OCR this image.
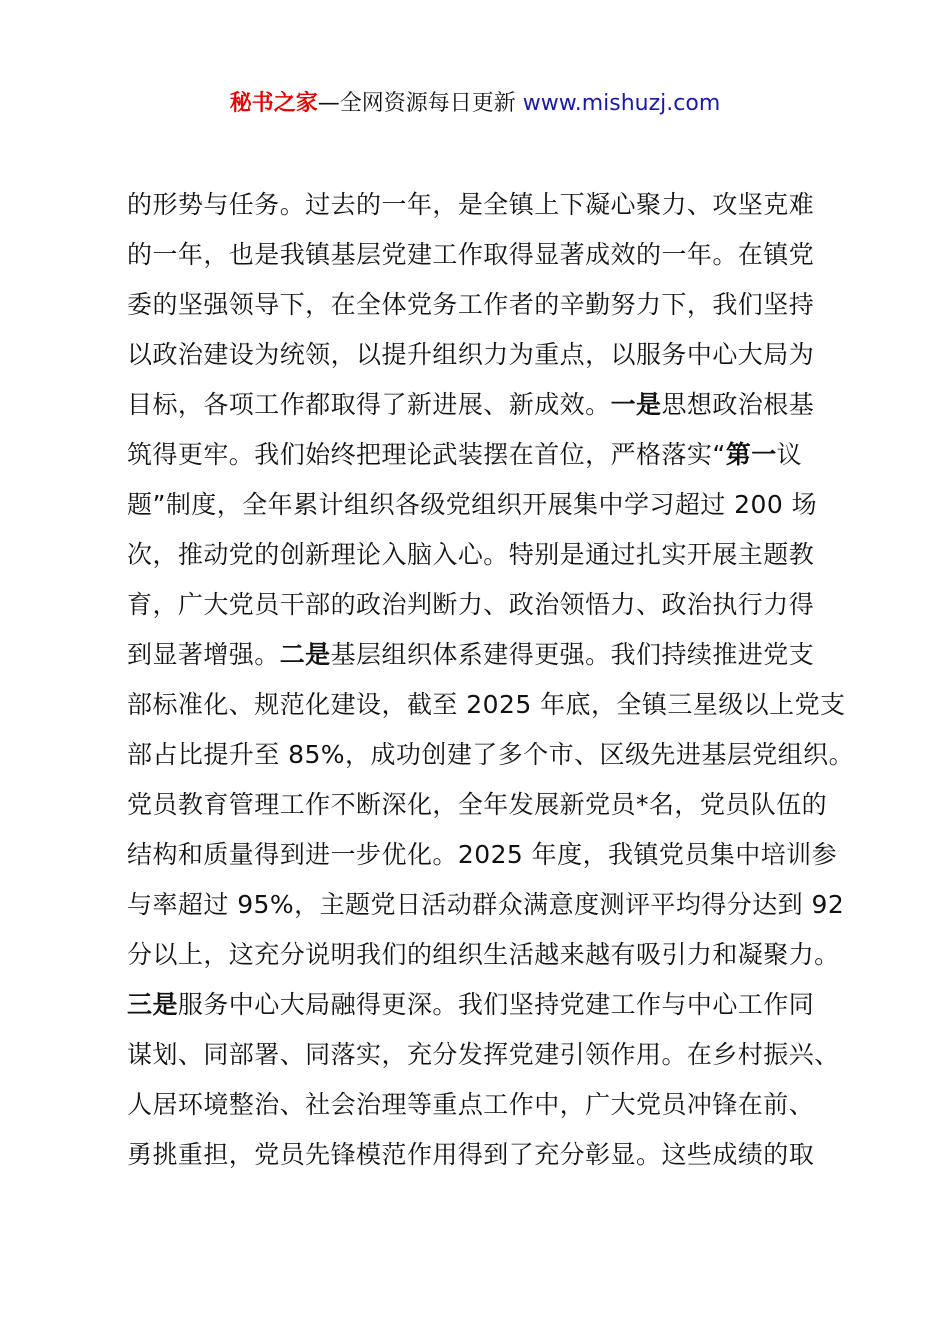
秘书之家—全网资源每日更新 www.mishuzj.com
的形势与任务。过去的一年，是全镇上下凝心聚力、攻坚克难
的一年，也是我镇基层党建工作取得显著成效的一年。在镇党
委的坚强领导下，在全体党务工作者的辛勤努力下，我们坚持
以政治建设为统领，以提升组织力为重点，以服务中心大局为
目标，各项工作都取得了新进展、新成效。一是思想政治根基
筑得更牢。我们始终把理论武装摆在首位，严格落实“第一议
题”制度，全年累计组织各级党组织开展集中学习超过 200 场
次，推动党的创新理论入脑入心。特别是通过扎实开展主题教
育，广大党员干部的政治判断力、政治领悟力、政治执行力得
到显著增强。二是基层组织体系建得更强。我们持续推进党支
部标准化、规范化建设，截至 2025 年底，全镇三星级以上党支
部占比提升至 85%，成功创建了多个市、区级先进基层党组织。
党员教育管理工作不断深化，全年发展新党员*名，党员队伍的
结构和质量得到进一步优化。2025 年度，我镇党员集中培训参
与率超过 95%，主题党日活动群众满意度测评平均得分达到 92
分以上，这充分说明我们的组织生活越来越有吸引力和凝聚力。
三是服务中心大局融得更深。我们坚持党建工作与中心工作同
谋划、同部署、同落实，充分发挥党建引领作用。在乡村振兴、
人居环境整治、社会治理等重点工作中，广大党员冲锋在前、
勇挑重担，党员先锋模范作用得到了充分彰显。这些成绩的取
